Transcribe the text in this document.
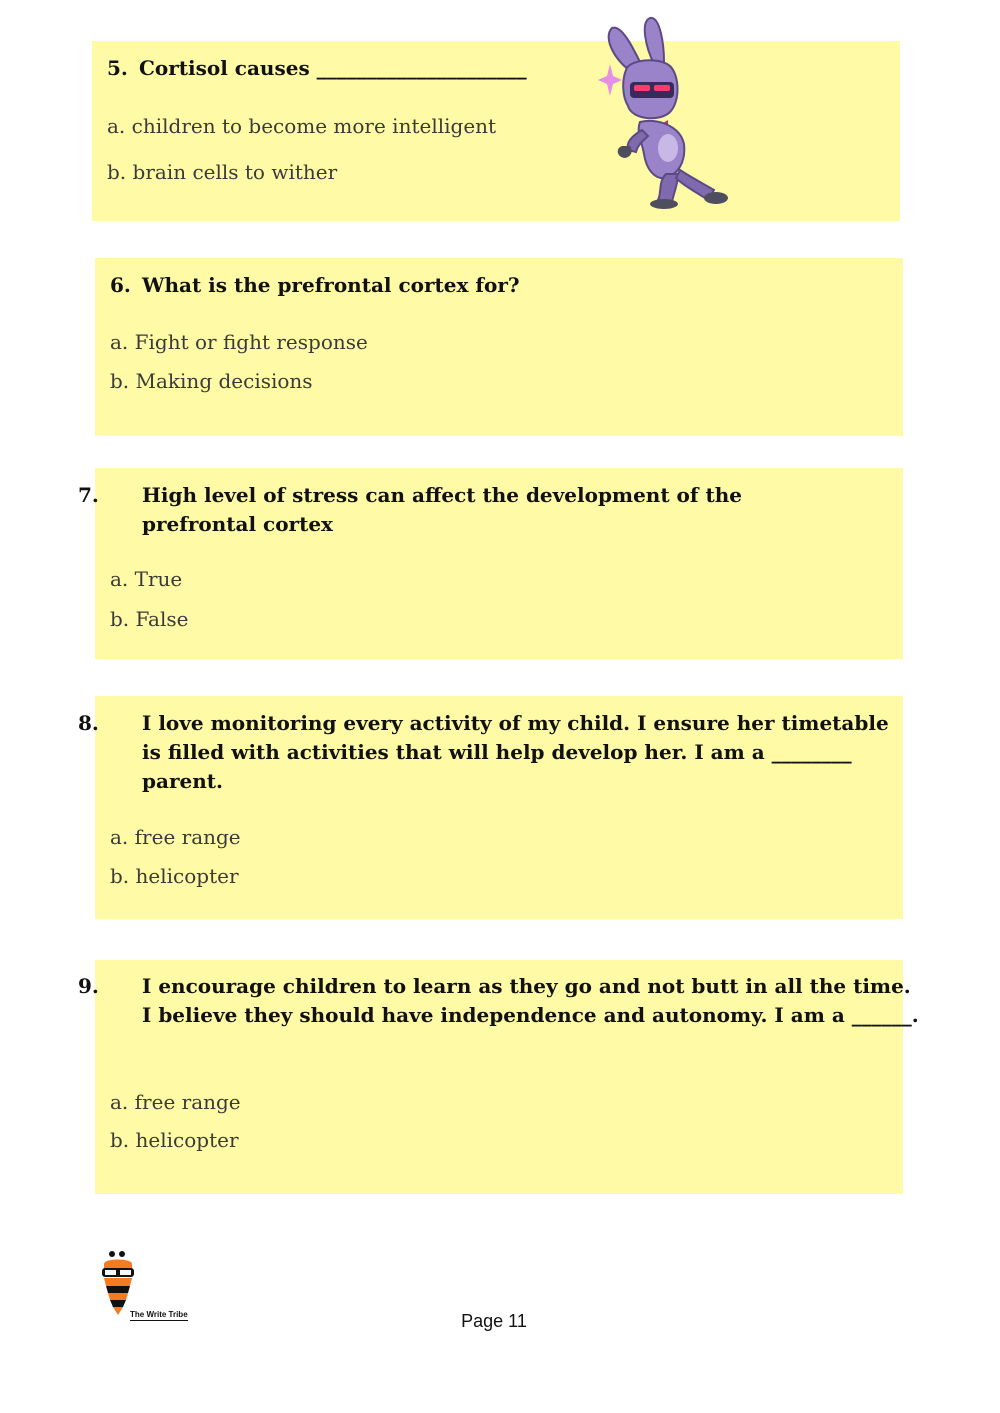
5. Cortisol causes _____________________
a. children to become more intelligent
b. brain cells to wither
6. What is the prefrontal cortex for?
a. Fight or fight response
b. Making decisions
7. High level of stress can affect the development of the prefrontal cortex
a. True
b. False
8. I love monitoring every activity of my child. I ensure her timetable is filled with activities that will help develop her. I am a ________ parent.
a. free range
b. helicopter
9. I encourage children to learn as they go and not butt in all the time. I believe they should have independence and autonomy. I am a ______.
a. free range
b. helicopter
The Write Tribe	Page 11
